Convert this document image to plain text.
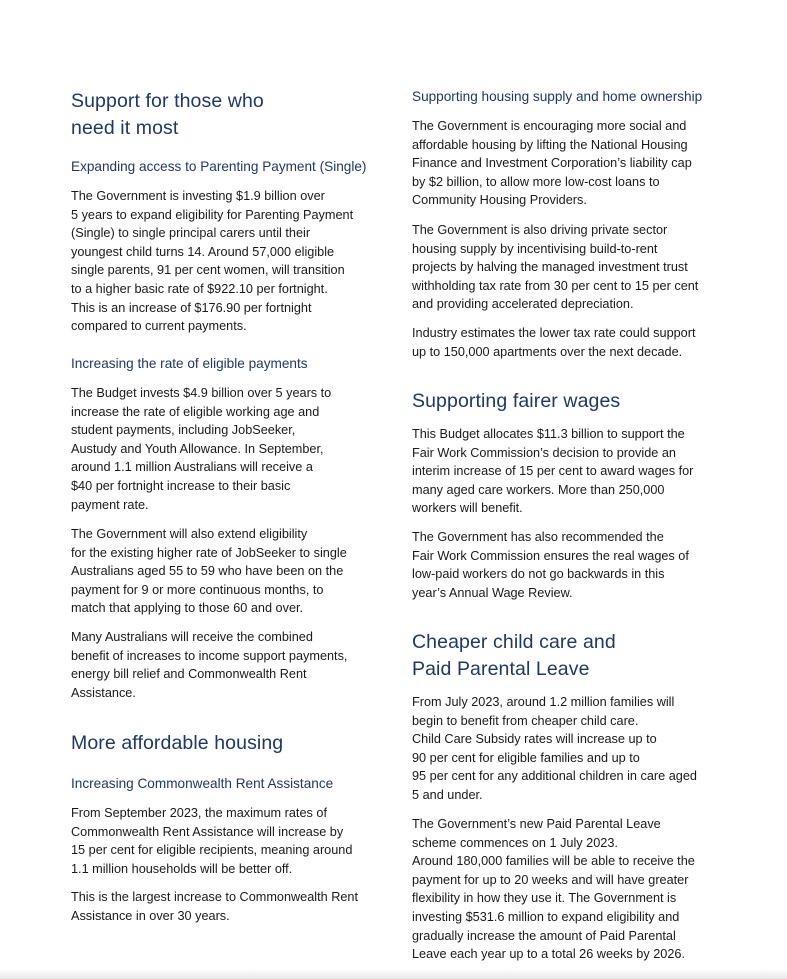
Support for those who
need it most
Expanding access to Parenting Payment (Single)

The Government is investing $1.9 billion over
5 years to expand eligibility for Parenting Payment
(Single) to single principal carers until their
youngest child turns 14. Around 57,000 eligible
single parents, 91 per cent women, will transition
to a higher basic rate of $922.10 per fortnight.
This is an increase of $176.90 per fortnight
compared to current payments.

Increasing the rate of eligible payments

The Budget invests $4.9 billion over 5 years to
increase the rate of eligible working age and
student payments, including JobSeeker,
Austudy and Youth Allowance. In September,
around 1.1 million Australians will receive a
$40 per fortnight increase to their basic
payment rate.

The Government will also extend eligibility
for the existing higher rate of JobSeeker to single
Australians aged 55 to 59 who have been on the
payment for 9 or more continuous months, to
match that applying to those 60 and over.

Many Australians will receive the combined
benefit of increases to income support payments,
energy bill relief and Commonwealth Rent
Assistance.

More affordable housing
Increasing Commonwealth Rent Assistance

From September 2023, the maximum rates of
Commonwealth Rent Assistance will increase by
15 per cent for eligible recipients, meaning around
1.1 million households will be better off.

This is the largest increase to Commonwealth Rent
Assistance in over 30 years.

Supporting housing supply and home ownership

The Government is encouraging more social and
affordable housing by lifting the National Housing
Finance and Investment Corporation’s liability cap
by $2 billion, to allow more low-cost loans to
Community Housing Providers.

The Government is also driving private sector
housing supply by incentivising build-to-rent
projects by halving the managed investment trust
withholding tax rate from 30 per cent to 15 per cent
and providing accelerated depreciation.

Industry estimates the lower tax rate could support
up to 150,000 apartments over the next decade.

Supporting fairer wages

This Budget allocates $11.3 billion to support the
Fair Work Commission’s decision to provide an
interim increase of 15 per cent to award wages for
many aged care workers. More than 250,000
workers will benefit.

The Government has also recommended the
Fair Work Commission ensures the real wages of
low-paid workers do not go backwards in this
year’s Annual Wage Review.

Cheaper child care and
Paid Parental Leave

From July 2023, around 1.2 million families will
begin to benefit from cheaper child care.
Child Care Subsidy rates will increase up to
90 per cent for eligible families and up to
95 per cent for any additional children in care aged
5 and under.

The Government’s new Paid Parental Leave
scheme commences on 1 July 2023.
Around 180,000 families will be able to receive the
payment for up to 20 weeks and will have greater
flexibility in how they use it. The Government is
investing $531.6 million to expand eligibility and
gradually increase the amount of Paid Parental
Leave each year up to a total 26 weeks by 2026.
